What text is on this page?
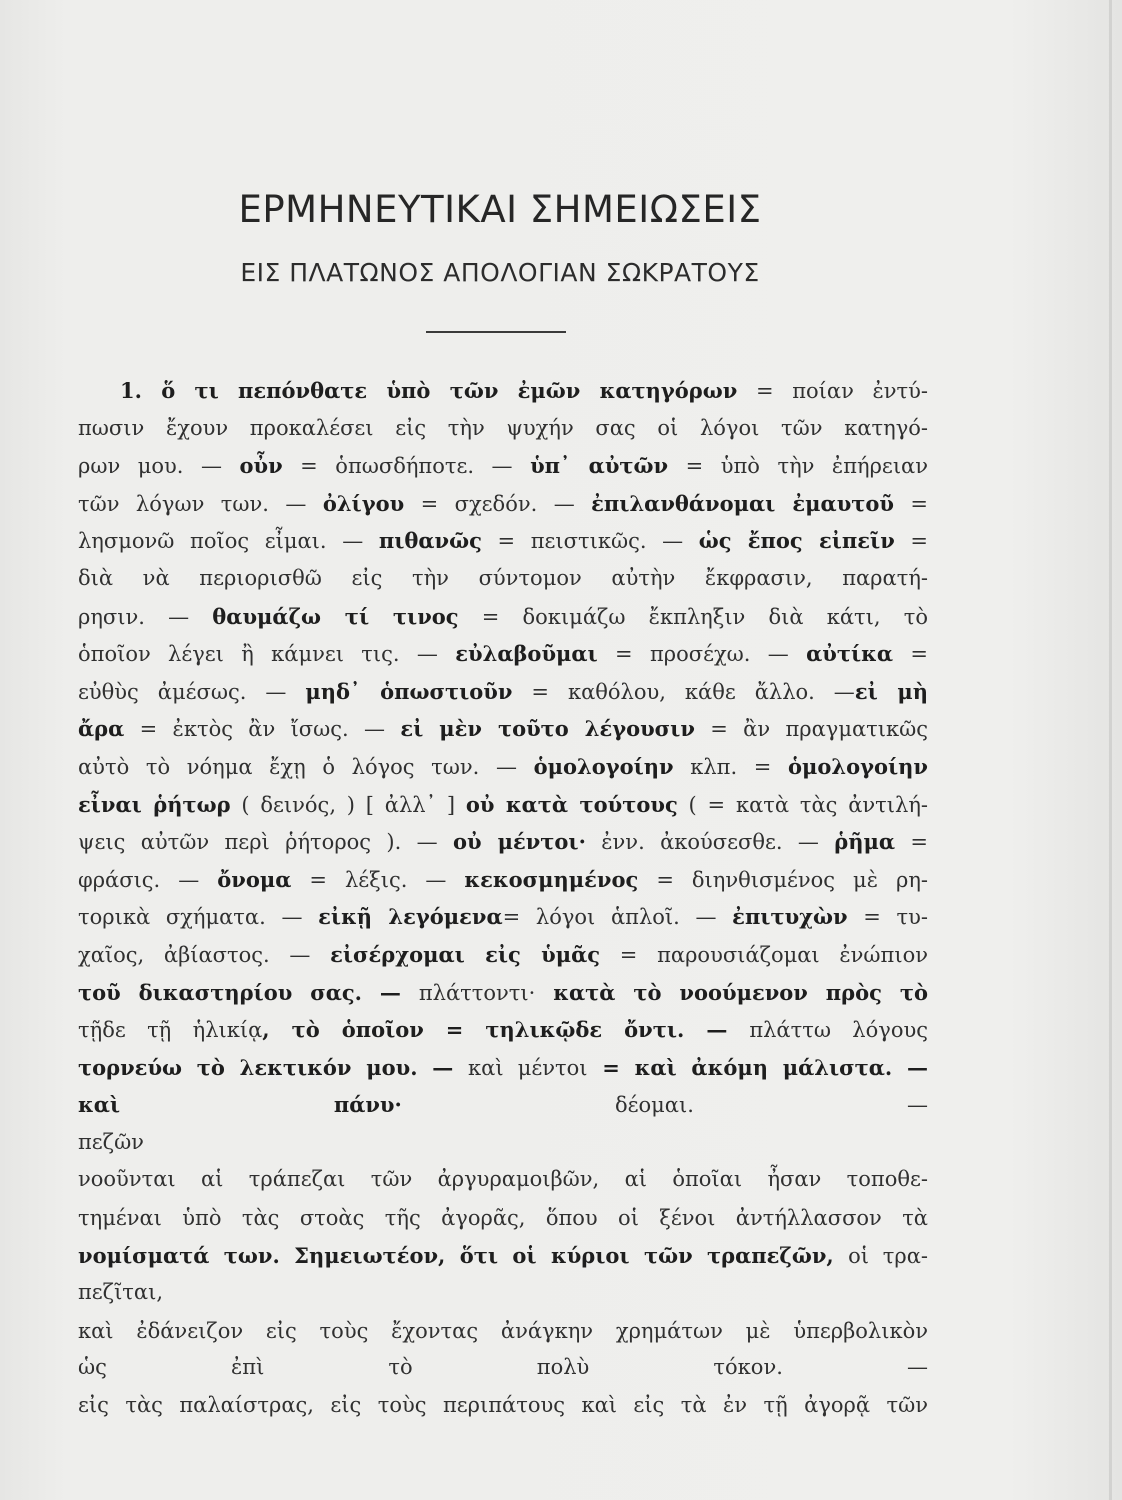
ΕΡΜΗΝΕΥΤΙΚΑΙ ΣΗΜΕΙΩΣΕΙΣ
ΕΙΣ ΠΛΑΤΩΝΟΣ ΑΠΟΛΟΓΙΑΝ ΣΩΚΡΑΤΟΥΣ
1. ὅ τι πεπόνθατε ὑπὸ τῶν ἐμῶν κατηγόρων = ποίαν ἐντύ-
πωσιν ἔχουν προκαλέσει εἰς τὴν ψυχήν σας οἱ λόγοι τῶν κατηγό-
ρων μου. — οὖν = ὁπωσδήποτε. — ὑπ᾽ αὐτῶν = ὑπὸ τὴν ἐπήρειαν
τῶν λόγων των. — ὀλίγου = σχεδόν. — ἐπιλανθάνομαι ἐμαυτοῦ =
λησμονῶ ποῖος εἶμαι. — πιθανῶς = πειστικῶς. — ὡς ἔπος εἰπεῖν =
διὰ νὰ περιορισθῶ εἰς τὴν σύντομον αὐτὴν ἔκφρασιν, παρατή-
ρησιν. — θαυμάζω τί τινος = δοκιμάζω ἔκπληξιν διὰ κάτι, τὸ
ὁποῖον λέγει ἢ κάμνει τις. — εὐλαβοῦμαι = προσέχω. — αὐτίκα =
εὐθὺς ἀμέσως. — μηδ᾽ ὁπωστιοῦν = καθόλου, κάθε ἄλλο. —εἰ μὴ
ἄρα = ἐκτὸς ἂν ἴσως. — εἰ μὲν τοῦτο λέγουσιν = ἂν πραγματικῶς
αὐτὸ τὸ νόημα ἔχῃ ὁ λόγος των. — ὁμολογοίην κλπ. = ὁμολογοίην
εἶναι ῥήτωρ ( δεινός, ) [ ἀλλ᾽ ] οὐ κατὰ τούτους ( = κατὰ τὰς ἀντιλή-
ψεις αὐτῶν περὶ ῥήτορος ). — οὐ μέντοι· ἐνν. ἀκούσεσθε. — ῥῆμα =
φράσις. — ὄνομα = λέξις. — κεκοσμημένος = διηνθισμένος μὲ ρη-
τορικὰ σχήματα. — εἰκῇ λεγόμενα= λόγοι ἁπλοῖ. — ἐπιτυχὼν = τυ-
χαῖος, ἀβίαστος. — εἰσέρχομαι εἰς ὑμᾶς = παρουσιάζομαι ἐνώπιον
τοῦ δικαστηρίου σας. — πλάττοντι· κατὰ τὸ νοούμενον πρὸς τὸ
τῇδε τῇ ἡλικίᾳ, τὸ ὁποῖον = τηλικῷδε ὄντι. — πλάττω λόγους
τορνεύω τὸ λεκτικόν μου. — καὶ μέντοι = καὶ ἀκόμη μάλιστα. —
καὶ πάνυ· δέομαι. —
πεζῶν
νοοῦνται αἱ τράπεζαι τῶν ἀργυραμοιβῶν, αἱ ὁποῖαι ἦσαν τοποθε-
τημέναι ὑπὸ τὰς στοὰς τῆς ἀγορᾶς, ὅπου οἱ ξένοι ἀντήλλασσον τὰ
νομίσματά των. Σημειωτέον, ὅτι οἱ κύριοι τῶν τραπεζῶν, οἱ τρα-
πεζῖται,
καὶ ἐδάνειζον εἰς τοὺς ἔχοντας ἀνάγκην χρημάτων μὲ ὑπερβολικὸν
ὡς ἐπὶ τὸ πολὺ τόκον. —
εἰς τὰς παλαίστρας, εἰς τοὺς περιπάτους καὶ εἰς τὰ ἐν τῇ ἀγορᾷ τῶν
